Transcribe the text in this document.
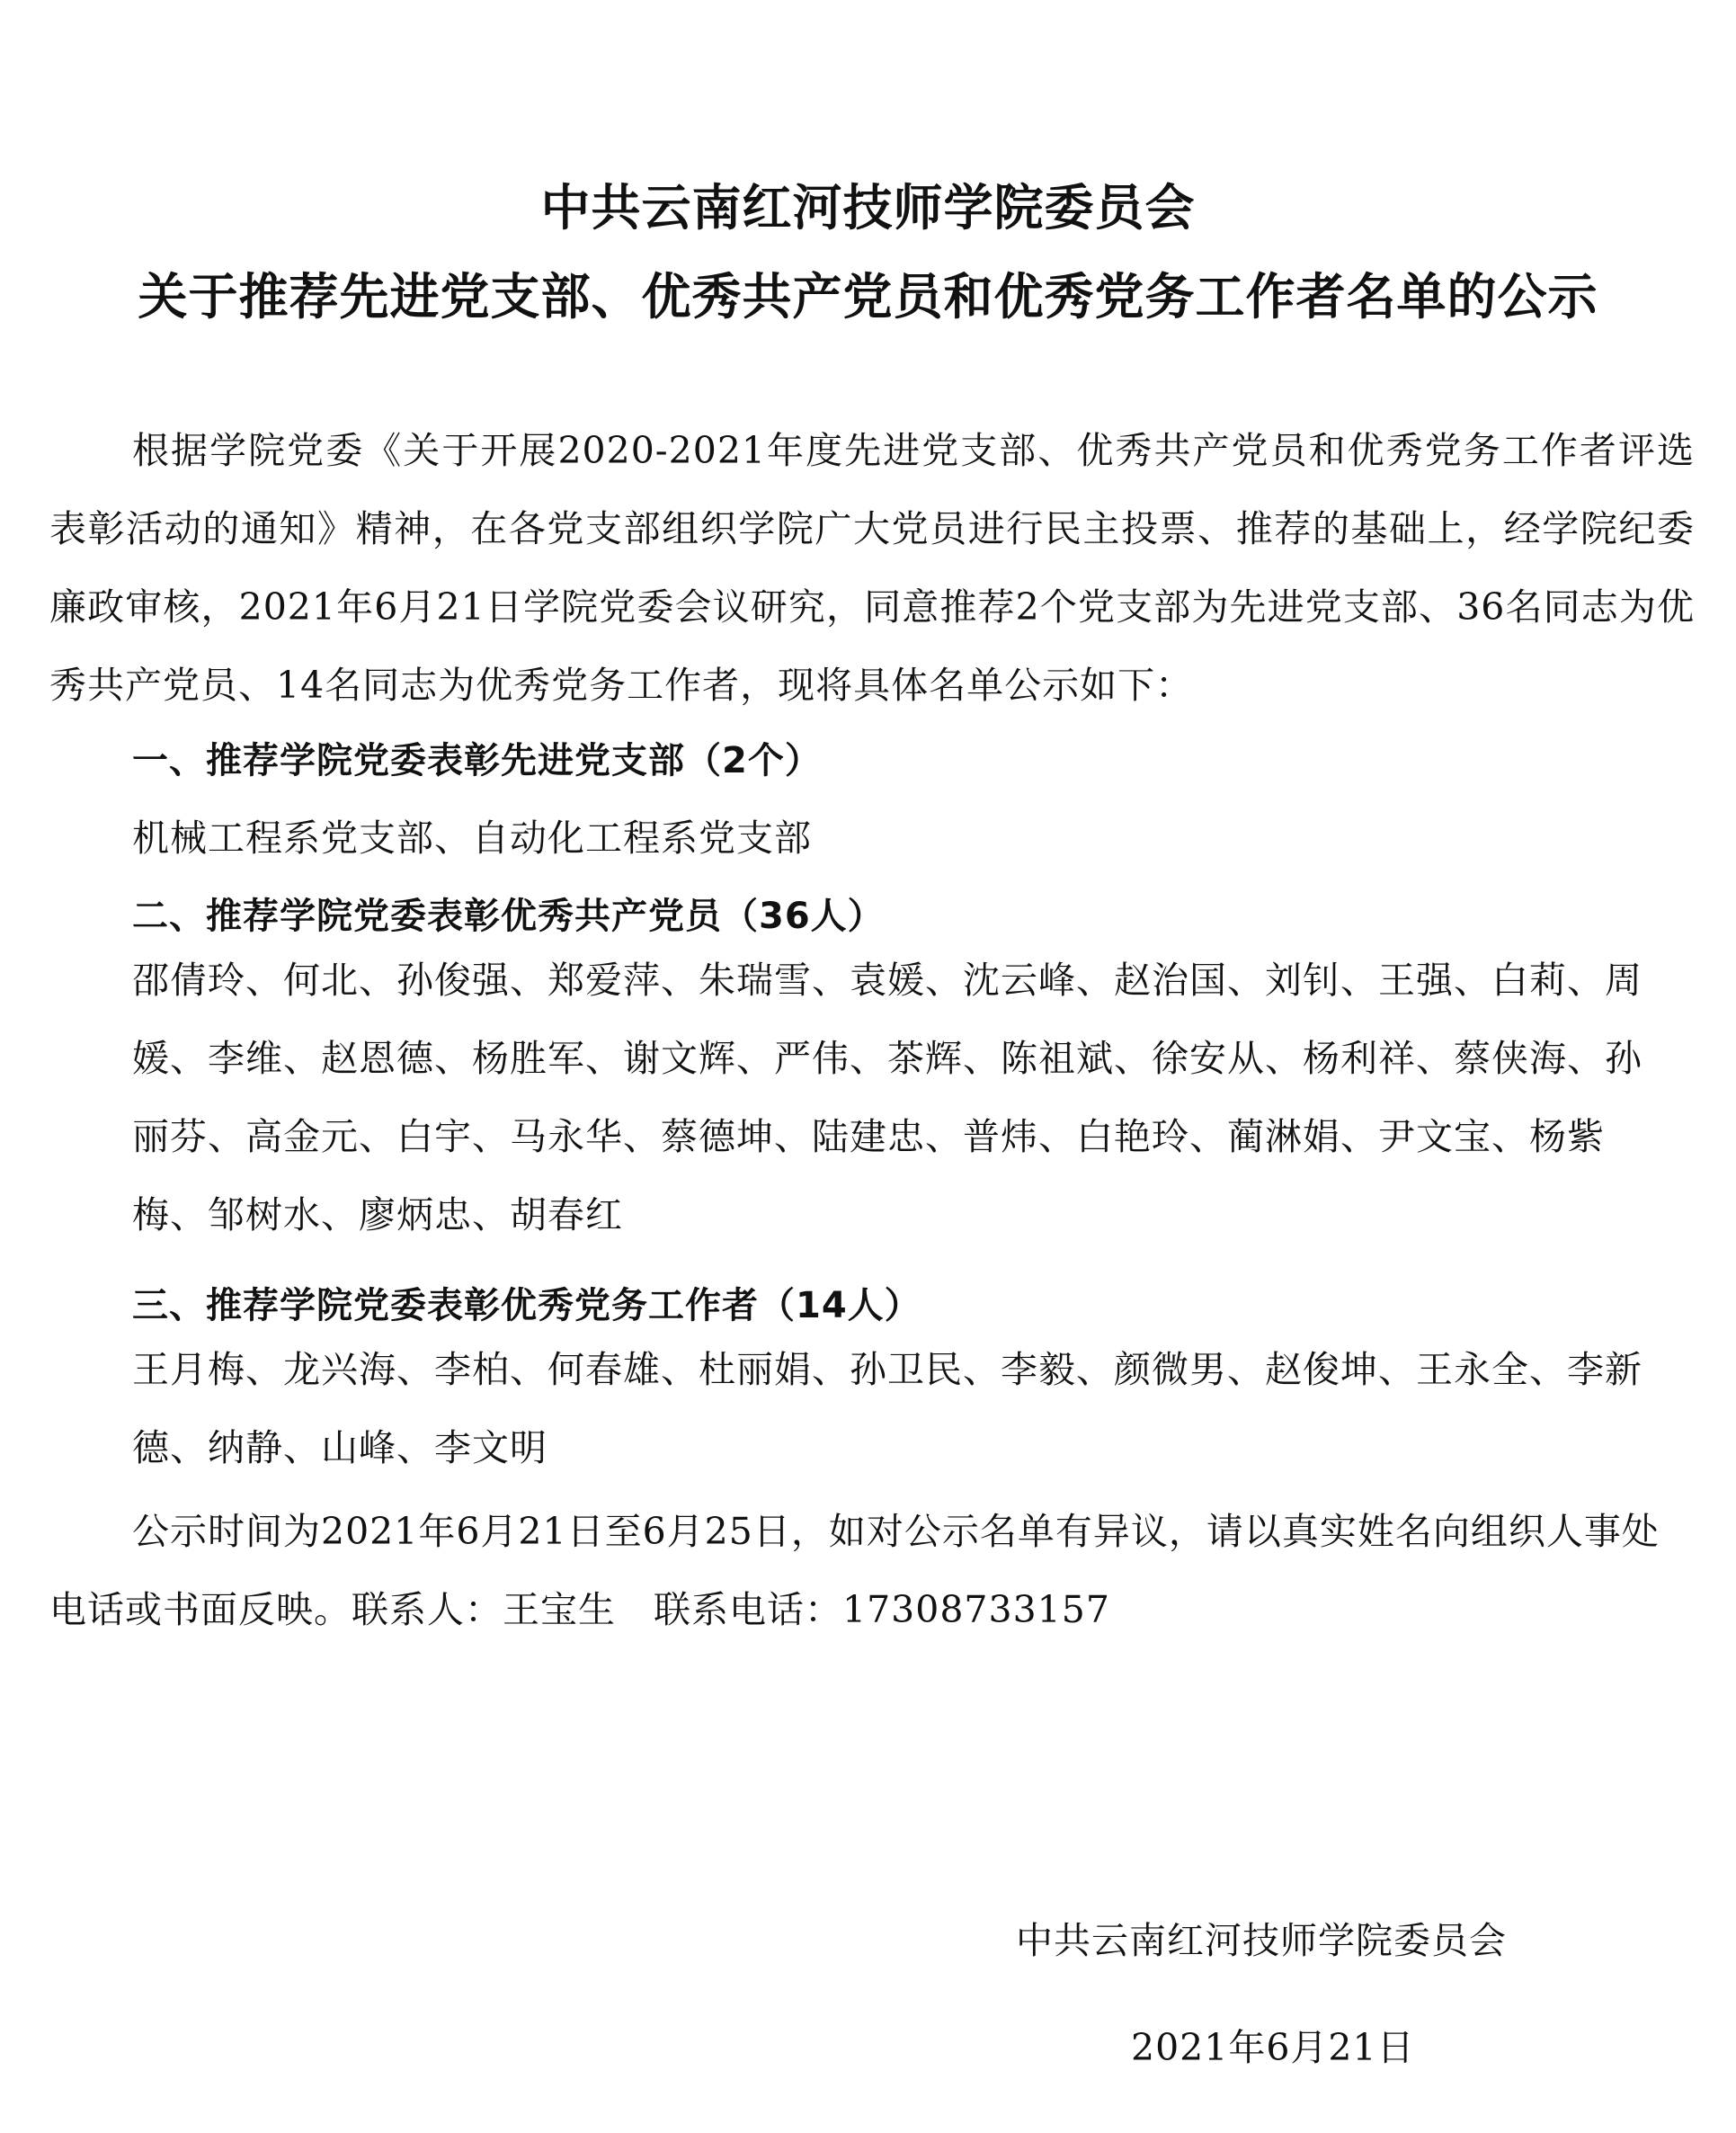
中共云南红河技师学院委员会
关于推荐先进党支部、优秀共产党员和优秀党务工作者名单的公示
根据学院党委《关于开展2020-2021年度先进党支部、优秀共产党员和优秀党务工作者评选表彰活动的通知》精神，在各党支部组织学院广大党员进行民主投票、推荐的基础上，经学院纪委廉政审核，2021年6月21日学院党委会议研究，同意推荐2个党支部为先进党支部、36名同志为优秀共产党员、14名同志为优秀党务工作者，现将具体名单公示如下：
一、推荐学院党委表彰先进党支部（2个）
机械工程系党支部、自动化工程系党支部
二、推荐学院党委表彰优秀共产党员（36人）
邵倩玲、何北、孙俊强、郑爱萍、朱瑞雪、袁媛、沈云峰、赵治国、刘钊、王强、白莉、周媛、李维、赵恩德、杨胜军、谢文辉、严伟、茶辉、陈祖斌、徐安从、杨利祥、蔡侠海、孙丽芬、高金元、白宇、马永华、蔡德坤、陆建忠、普炜、白艳玲、蔺淋娟、尹文宝、杨紫梅、邹树水、廖炳忠、胡春红
三、推荐学院党委表彰优秀党务工作者（14人）
王月梅、龙兴海、李柏、何春雄、杜丽娟、孙卫民、李毅、颜微男、赵俊坤、王永全、李新德、纳静、山峰、李文明
公示时间为2021年6月21日至6月25日，如对公示名单有异议，请以真实姓名向组织人事处电话或书面反映。联系人：王宝生　联系电话：17308733157
中共云南红河技师学院委员会
2021年6月21日
